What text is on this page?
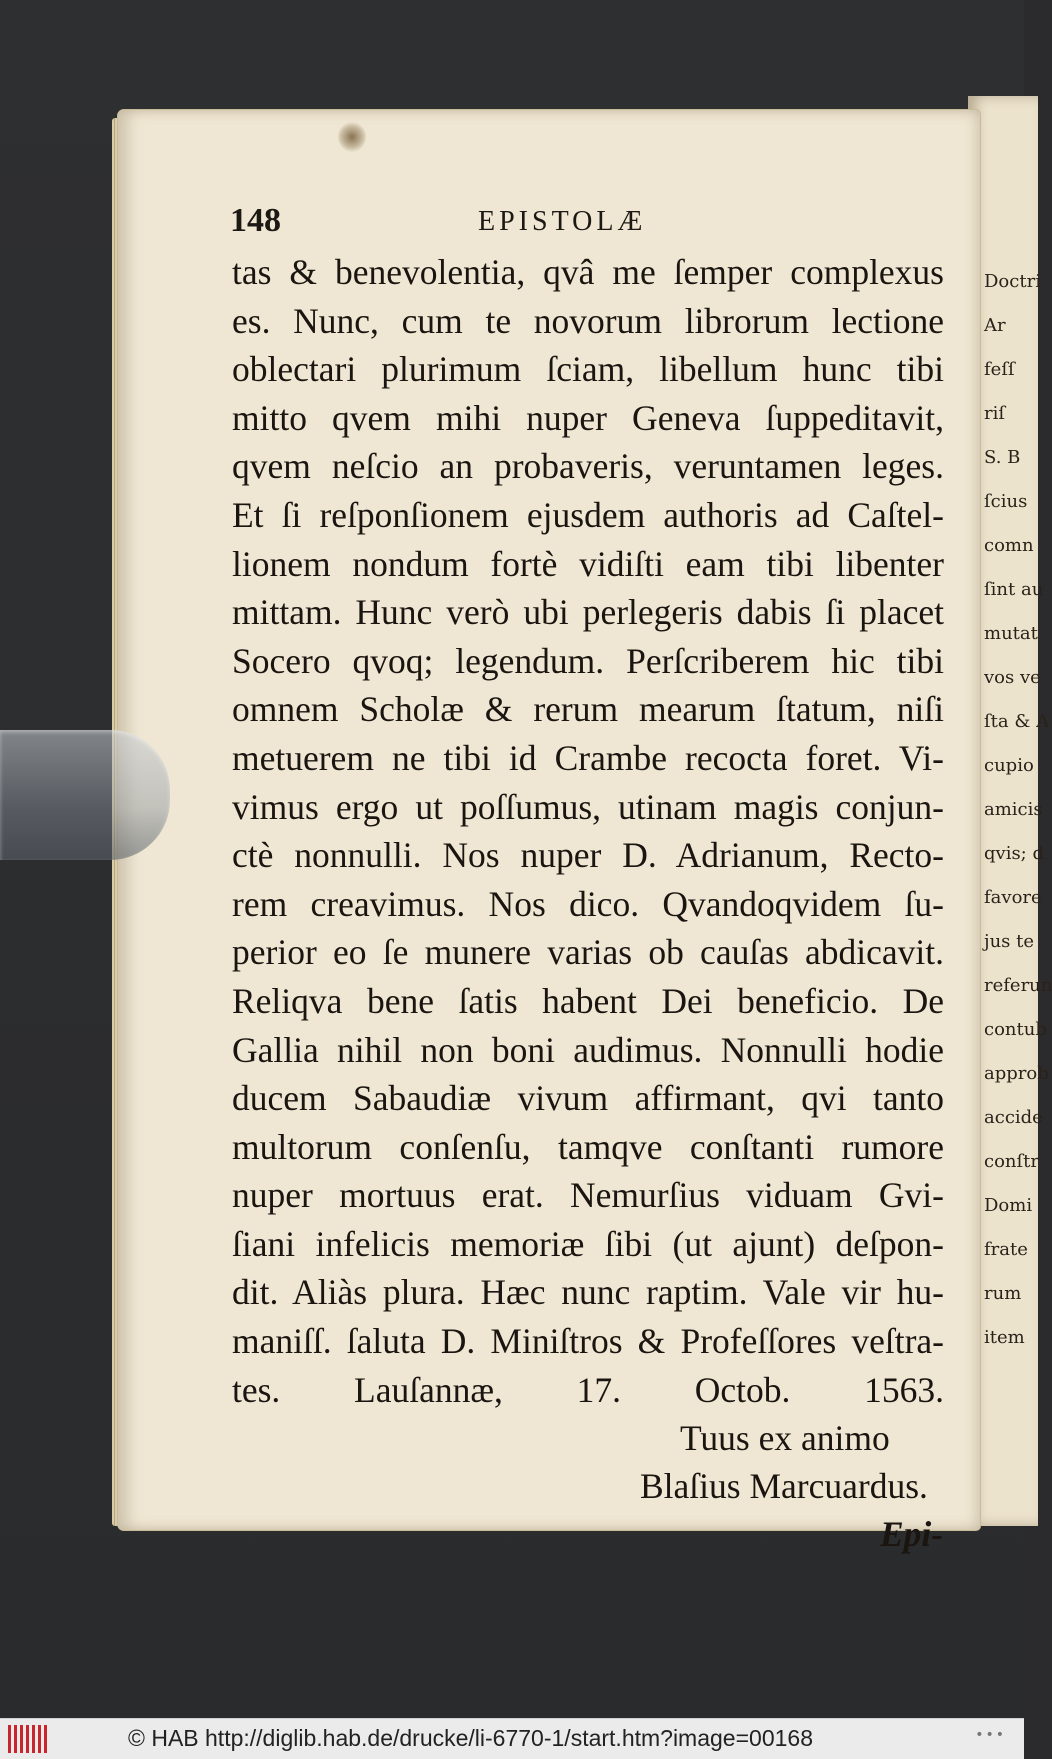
Doctri
Ar
feſſ
riſ
S. B
ſcius
comn
ſint au
mutat
vos ve
ſta & A
cupio
amicis
qvis; d
favore
jus te
referun
contub
approb
accide
conſtr
Domi
frate
rum
item
148	EPISTOLÆ
tas & benevolentia, qvâ me ſemper complexus
es. Nunc, cum te novorum librorum lectione
oblectari plurimum ſciam, libellum hunc tibi
mitto qvem mihi nuper Geneva ſuppeditavit,
qvem neſcio an probaveris, veruntamen leges.
Et ſi reſponſionem ejusdem authoris ad Caſtel-
lionem nondum fortè vidiſti eam tibi libenter
mittam. Hunc verò ubi perlegeris dabis ſi placet
Socero qvoq; legendum. Perſcriberem hic tibi
omnem Scholæ & rerum mearum ſtatum, niſi
metuerem ne tibi id Crambe recocta foret. Vi-
vimus ergo ut poſſumus, utinam magis conjun-
ctè nonnulli. Nos nuper D. Adrianum, Recto-
rem creavimus. Nos dico. Qvandoqvidem ſu-
perior eo ſe munere varias ob cauſas abdicavit.
Reliqva bene ſatis habent Dei beneficio. De
Gallia nihil non boni audimus. Nonnulli hodie
ducem Sabaudiæ vivum affirmant, qvi tanto
multorum conſenſu, tamqve conſtanti rumore
nuper mortuus erat. Nemurſius viduam Gvi-
ſiani infelicis memoriæ ſibi (ut ajunt) deſpon-
dit. Aliàs plura. Hæc nunc raptim. Vale vir hu-
maniſſ. ſaluta D. Miniſtros & Profeſſores veſtra-
tes. Lauſannæ, 17. Octob. 1563.
Tuus ex animo
Blaſius Marcuardus.
Epi-
© HAB http://diglib.hab.de/drucke/li-6770-1/start.htm?image=00168	•••
